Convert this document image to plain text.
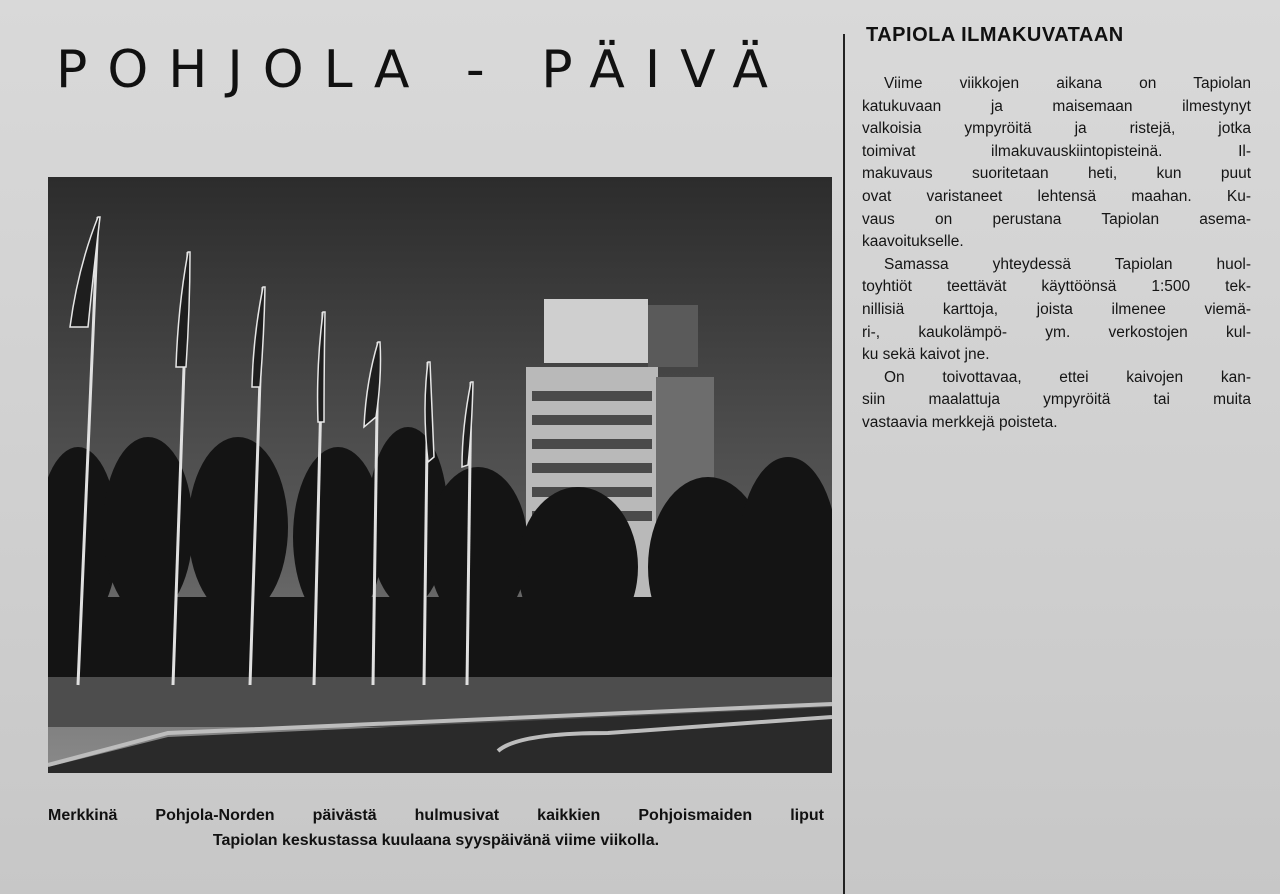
POHJOLA - PÄIVÄ

Merkkinä Pohjola-Norden päivästä hulmusivat kaikkien Pohjoismaiden liput
Tapiolan keskustassa kuulaana syyspäivänä viime viikolla.

TAPIOLA ILMAKUVATAAN

Viime viikkojen aikana on Tapiolan
katukuvaan ja maisemaan ilmestynyt
valkoisia ympyröitä ja ristejä, jotka
toimivat ilmakuvauskiintopisteinä. Il-
makuvaus suoritetaan heti, kun puut
ovat varistaneet lehtensä maahan. Ku-
vaus on perustana Tapiolan asema-
kaavoitukselle.

Samassa yhteydessä Tapiolan huol-
toyhtiöt teettävät käyttöönsä 1:500 tek-
nillisiä karttoja, joista ilmenee viemä-
ri-, kaukolämpö- ym. verkostojen kul-
ku sekä kaivot jne.

On toivottavaa, ettei kaivojen kan-
siin maalattuja ympyröitä tai muita
vastaavia merkkejä poisteta.
